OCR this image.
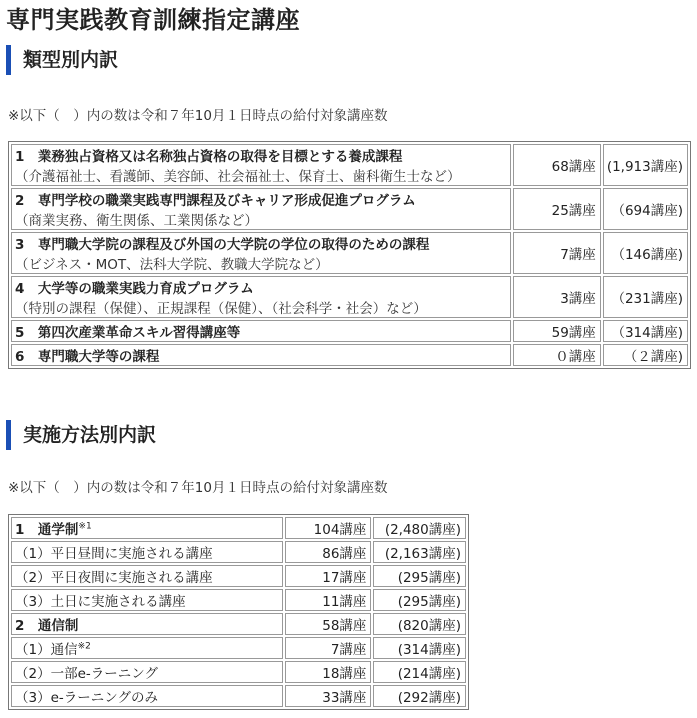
専門実践教育訓練指定講座
類型別内訳

※以下（　）内の数は令和７年10月１日時点の給付対象講座数

1　業務独占資格又は名称独占資格の取得を目標とする養成課程
（介護福祉士、看護師、美容師、社会福祉士、保育士、歯科衛生士など）	68講座	(1,913講座)

2　専門学校の職業実践専門課程及びキャリア形成促進プログラム
（商業実務、衛生関係、工業関係など）	25講座	（694講座)

3　専門職大学院の課程及び外国の大学院の学位の取得のための課程
（ビジネス・MOT、法科大学院、教職大学院など）	7講座	（146講座)

4　大学等の職業実践力育成プログラム
（特別の課程（保健）、正規課程（保健）、（社会科学・社会）など）	3講座	（231講座)

5　第四次産業革命スキル習得講座等	59講座	（314講座)

6　専門職大学等の課程	０講座	（２講座)
実施方法別内訳

※以下（　）内の数は令和７年10月１日時点の給付対象講座数

1　通学制$^{※1}$	104講座	(2,480講座)
（1）平日昼間に実施される講座	86講座	(2,163講座)
（2）平日夜間に実施される講座	17講座	(295講座)
（3）土日に実施される講座	11講座	(295講座)
2　通信制	58講座	(820講座)
（1）通信$^{※2}$	7講座	(314講座)
（2）一部e-ラーニング	18講座	(214講座)
（3）e-ラーニングのみ	33講座	(292講座)
